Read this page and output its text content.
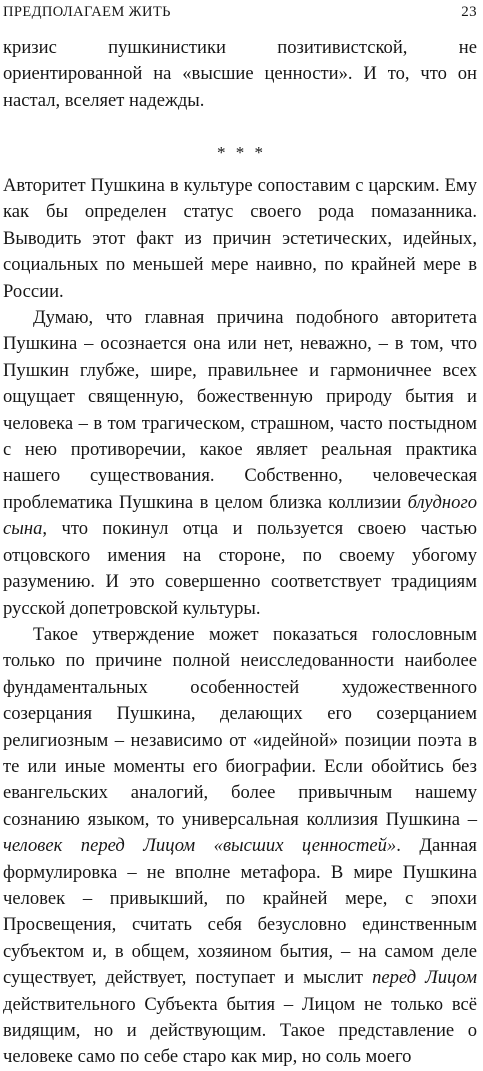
ПРЕДПОЛАГАЕМ ЖИТЬ	23

кризис пушкинистики позитивистской, не ориентированной на «высшие ценности». И то, что он настал, вселяет надежды.

* * *

Авторитет Пушкина в культуре сопоставим с царским. Ему как бы определен статус своего рода помазанника. Выводить этот факт из причин эстетических, идейных, социальных по меньшей мере наивно, по крайней мере в России.

Думаю, что главная причина подобного авторитета Пушкина – осознается она или нет, неважно, – в том, что Пушкин глубже, шире, правильнее и гармоничнее всех ощущает священную, божественную природу бытия и человека – в том трагическом, страшном, часто постыдном с нею противоречии, какое являет реальная практика нашего существования. Собственно, человеческая проблематика Пушкина в целом близка коллизии блудного сына, что покинул отца и пользуется своею частью отцовского имения на стороне, по своему убогому разумению. И это совершенно соответствует традициям русской допетровской культуры.

Такое утверждение может показаться голословным только по причине полной неисследованности наиболее фундаментальных особенностей художественного созерцания Пушкина, делающих его созерцанием религиозным – независимо от «идейной» позиции поэта в те или иные моменты его биографии. Если обойтись без евангельских аналогий, более привычным нашему сознанию языком, то универсальная коллизия Пушкина – человек перед Лицом «высших ценностей». Данная формулировка – не вполне метафора. В мире Пушкина человек – привыкший, по крайней мере, с эпохи Просвещения, считать себя безусловно единственным субъектом и, в общем, хозяином бытия, – на самом деле существует, действует, поступает и мыслит перед Лицом действительного Субъекта бытия – Лицом не только всё видящим, но и действующим. Такое представление о человеке само по себе старо как мир, но соль моего
